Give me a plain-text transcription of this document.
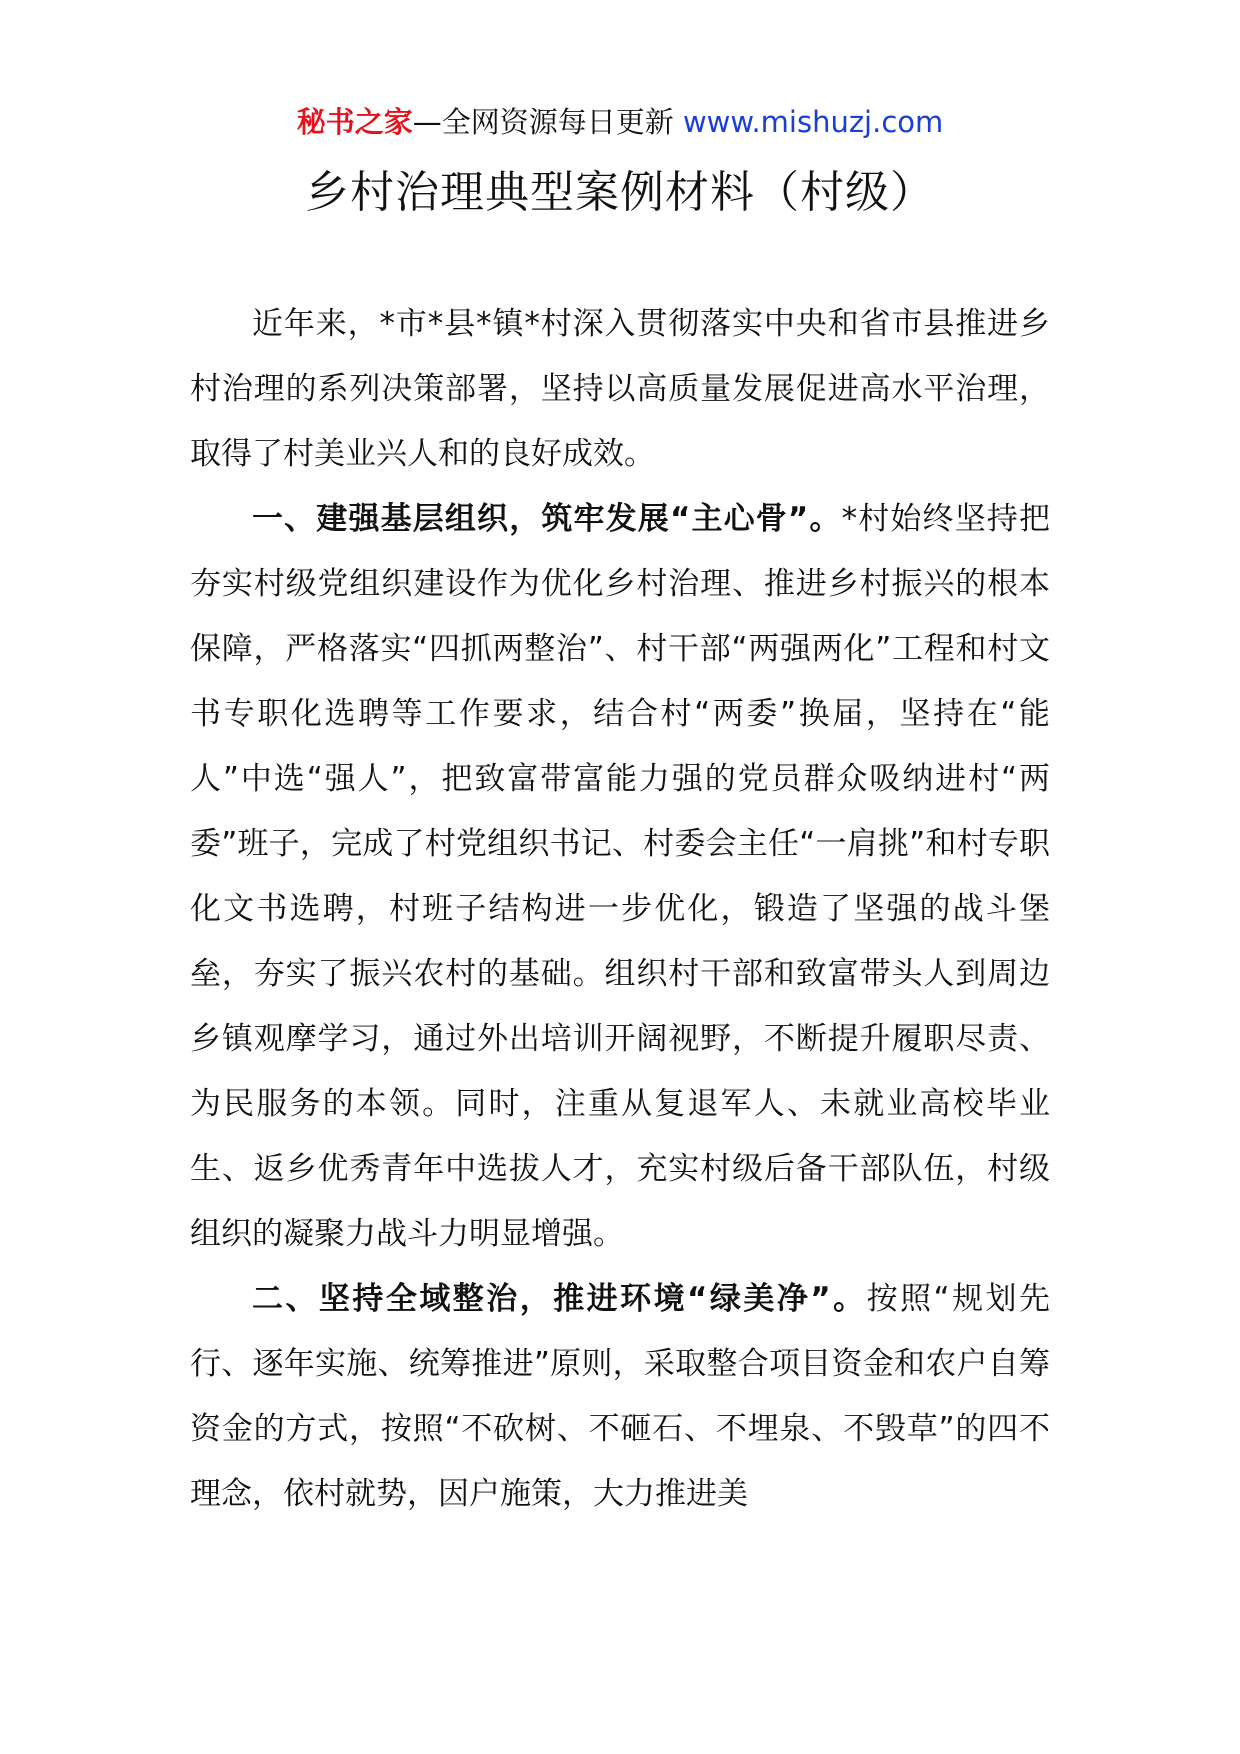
秘书之家—全网资源每日更新 www.mishuzj.com
乡村治理典型案例材料（村级）

近年来，*市*县*镇*村深入贯彻落实中央和省市县推进乡村治理的系列决策部署，坚持以高质量发展促进高水平治理，取得了村美业兴人和的良好成效。

一、建强基层组织，筑牢发展“主心骨”。*村始终坚持把夯实村级党组织建设作为优化乡村治理、推进乡村振兴的根本保障，严格落实“四抓两整治”、村干部“两强两化”工程和村文书专职化选聘等工作要求，结合村“两委”换届，坚持在“能人”中选“强人”，把致富带富能力强的党员群众吸纳进村“两委”班子，完成了村党组织书记、村委会主任“一肩挑”和村专职化文书选聘，村班子结构进一步优化，锻造了坚强的战斗堡垒，夯实了振兴农村的基础。组织村干部和致富带头人到周边乡镇观摩学习，通过外出培训开阔视野，不断提升履职尽责、为民服务的本领。同时，注重从复退军人、未就业高校毕业生、返乡优秀青年中选拔人才，充实村级后备干部队伍，村级组织的凝聚力战斗力明显增强。

二、坚持全域整治，推进环境“绿美净”。按照“规划先行、逐年实施、统筹推进”原则，采取整合项目资金和农户自筹资金的方式，按照“不砍树、不砸石、不埋泉、不毁草”的四不理念，依村就势，因户施策，大力推进美
